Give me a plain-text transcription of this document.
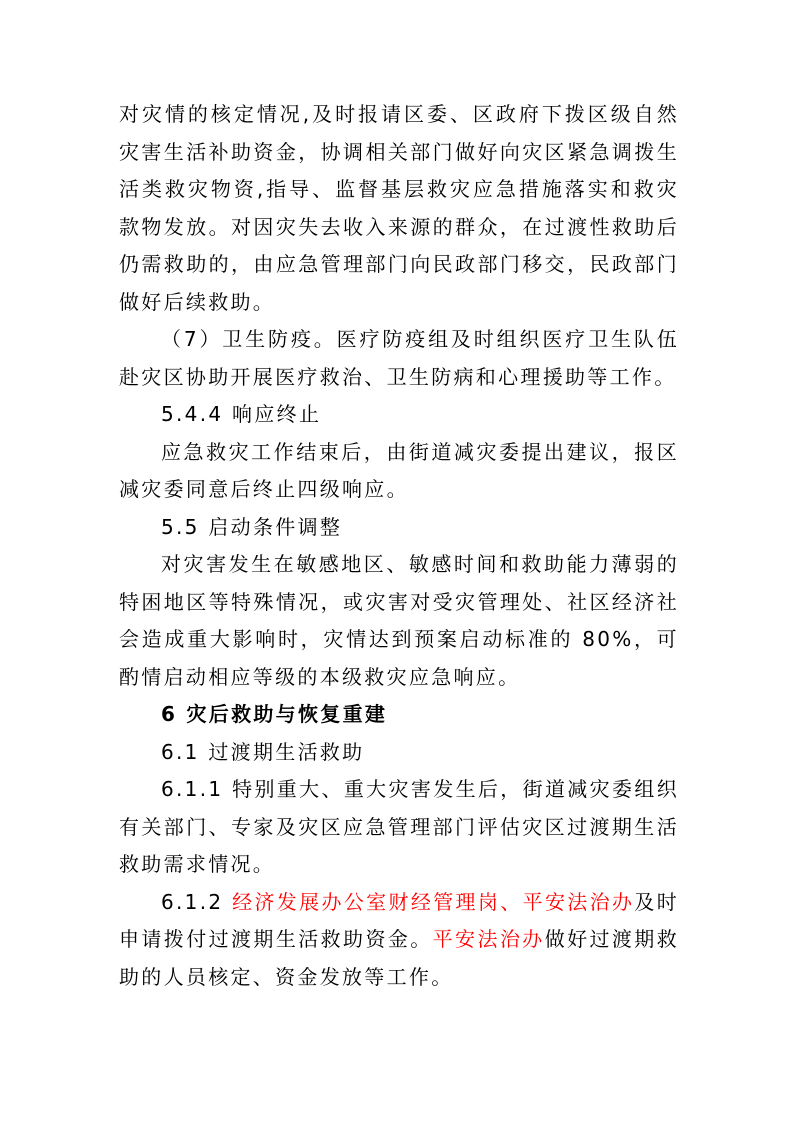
对灾情的核定情况,及时报请区委、区政府下拨区级自然灾害生活补助资金，协调相关部门做好向灾区紧急调拨生活类救灾物资,指导、监督基层救灾应急措施落实和救灾款物发放。对因灾失去收入来源的群众，在过渡性救助后仍需救助的，由应急管理部门向民政部门移交，民政部门做好后续救助。

（7）卫生防疫。医疗防疫组及时组织医疗卫生队伍赴灾区协助开展医疗救治、卫生防病和心理援助等工作。

5.4.4 响应终止

应急救灾工作结束后，由街道减灾委提出建议，报区减灾委同意后终止四级响应。

5.5 启动条件调整

对灾害发生在敏感地区、敏感时间和救助能力薄弱的特困地区等特殊情况，或灾害对受灾管理处、社区经济社会造成重大影响时，灾情达到预案启动标准的 80%，可酌情启动相应等级的本级救灾应急响应。

6 灾后救助与恢复重建

6.1 过渡期生活救助

6.1.1 特别重大、重大灾害发生后，街道减灾委组织有关部门、专家及灾区应急管理部门评估灾区过渡期生活救助需求情况。

6.1.2 经济发展办公室财经管理岗、平安法治办及时申请拨付过渡期生活救助资金。平安法治办做好过渡期救助的人员核定、资金发放等工作。
